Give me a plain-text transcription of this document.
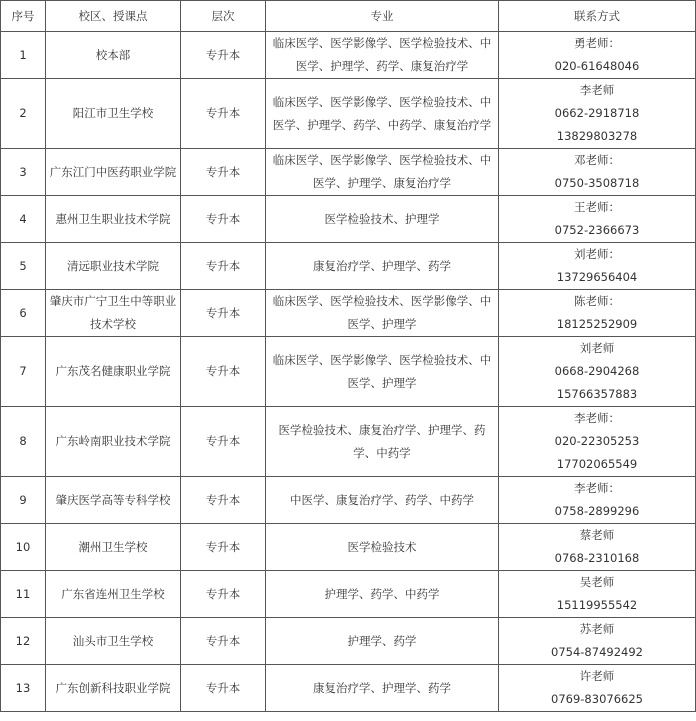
序号	校区、授课点	层次	专业	联系方式
1	校本部	专升本	临床医学、医学影像学、医学检验技术、中医学、护理学、药学、康复治疗学	勇老师：
020-61648046

2	阳江市卫生学校	专升本	临床医学、医学影像学、医学检验技术、中医学、护理学、药学、中药学、康复治疗学	李老师
0662-2918718
13829803278

3	广东江门中医药职业学院	专升本	临床医学、医学影像学、医学检验技术、中医学、护理学、康复治疗学	邓老师：
0750-3508718

4	惠州卫生职业技术学院	专升本	医学检验技术、护理学	王老师：
0752-2366673

5	清远职业技术学院	专升本	康复治疗学、护理学、药学	刘老师：
13729656404

6	肇庆市广宁卫生中等职业技术学校	专升本	临床医学、医学检验技术、医学影像学、中医学、护理学	陈老师：
18125252909

7	广东茂名健康职业学院	专升本	临床医学、医学影像学、医学检验技术、中医学、护理学	刘老师
0668-2904268
15766357883

8	广东岭南职业技术学院	专升本	医学检验技术、康复治疗学、护理学、药学、中药学	李老师：
020-22305253
17702065549

9	肇庆医学高等专科学校	专升本	中医学、康复治疗学、药学、中药学	李老师：
0758-2899296

10	潮州卫生学校	专升本	医学检验技术	蔡老师
0768-2310168

11	广东省连州卫生学校	专升本	护理学、药学、中药学	吴老师
15119955542

12	汕头市卫生学校	专升本	护理学、药学	苏老师
0754-87492492

13	广东创新科技职业学院	专升本	康复治疗学、护理学、药学	许老师
0769-83076625
